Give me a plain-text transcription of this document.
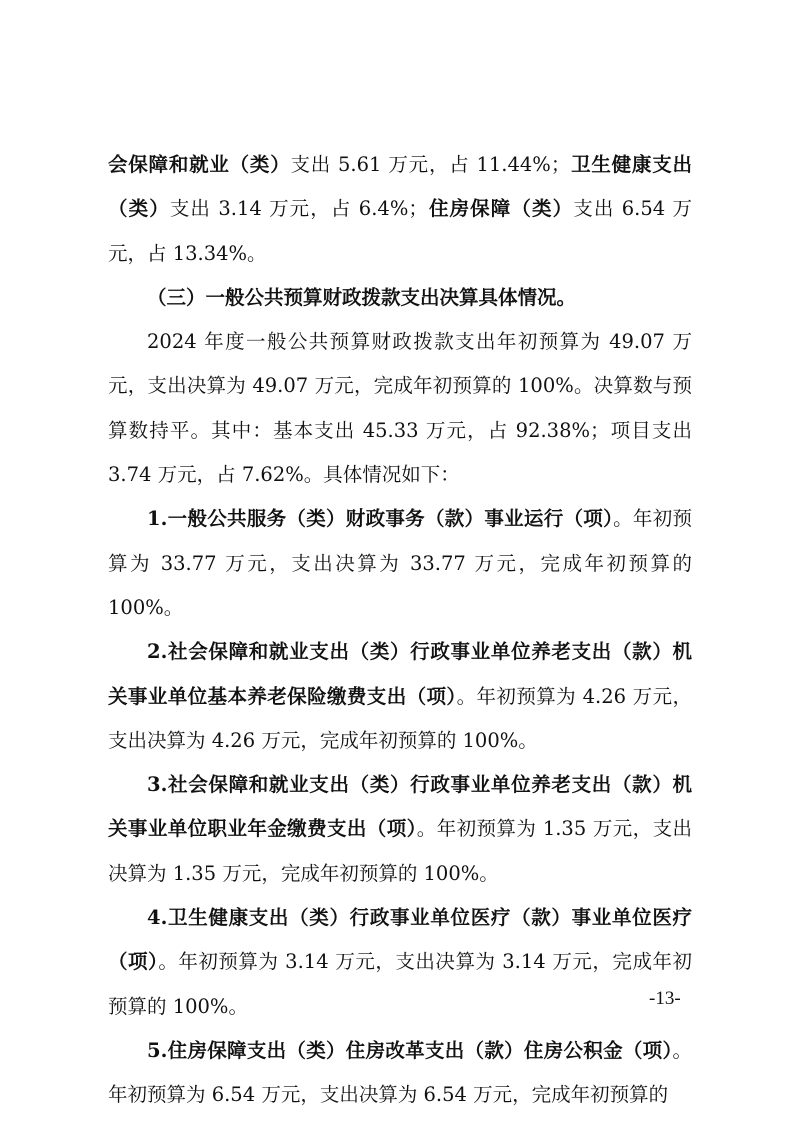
会保障和就业（类）支出 5.61 万元，占 11.44%；卫生健康支出（类）支出 3.14 万元，占 6.4%；住房保障（类）支出 6.54 万元，占 13.34%。

（三）一般公共预算财政拨款支出决算具体情况。

2024 年度一般公共预算财政拨款支出年初预算为 49.07 万元，支出决算为 49.07 万元，完成年初预算的 100%。决算数与预算数持平。其中：基本支出 45.33 万元，占 92.38%；项目支出 3.74 万元，占 7.62%。具体情况如下：

1.一般公共服务（类）财政事务（款）事业运行（项）。年初预算为 33.77 万元，支出决算为 33.77 万元，完成年初预算的 100%。

2.社会保障和就业支出（类）行政事业单位养老支出（款）机关事业单位基本养老保险缴费支出（项）。年初预算为 4.26 万元，支出决算为 4.26 万元，完成年初预算的 100%。

3.社会保障和就业支出（类）行政事业单位养老支出（款）机关事业单位职业年金缴费支出（项）。年初预算为 1.35 万元，支出决算为 1.35 万元，完成年初预算的 100%。

4.卫生健康支出（类）行政事业单位医疗（款）事业单位医疗（项）。年初预算为 3.14 万元，支出决算为 3.14 万元，完成年初预算的 100%。

5.住房保障支出（类）住房改革支出（款）住房公积金（项）。年初预算为 6.54 万元，支出决算为 6.54 万元，完成年初预算的

-13-
